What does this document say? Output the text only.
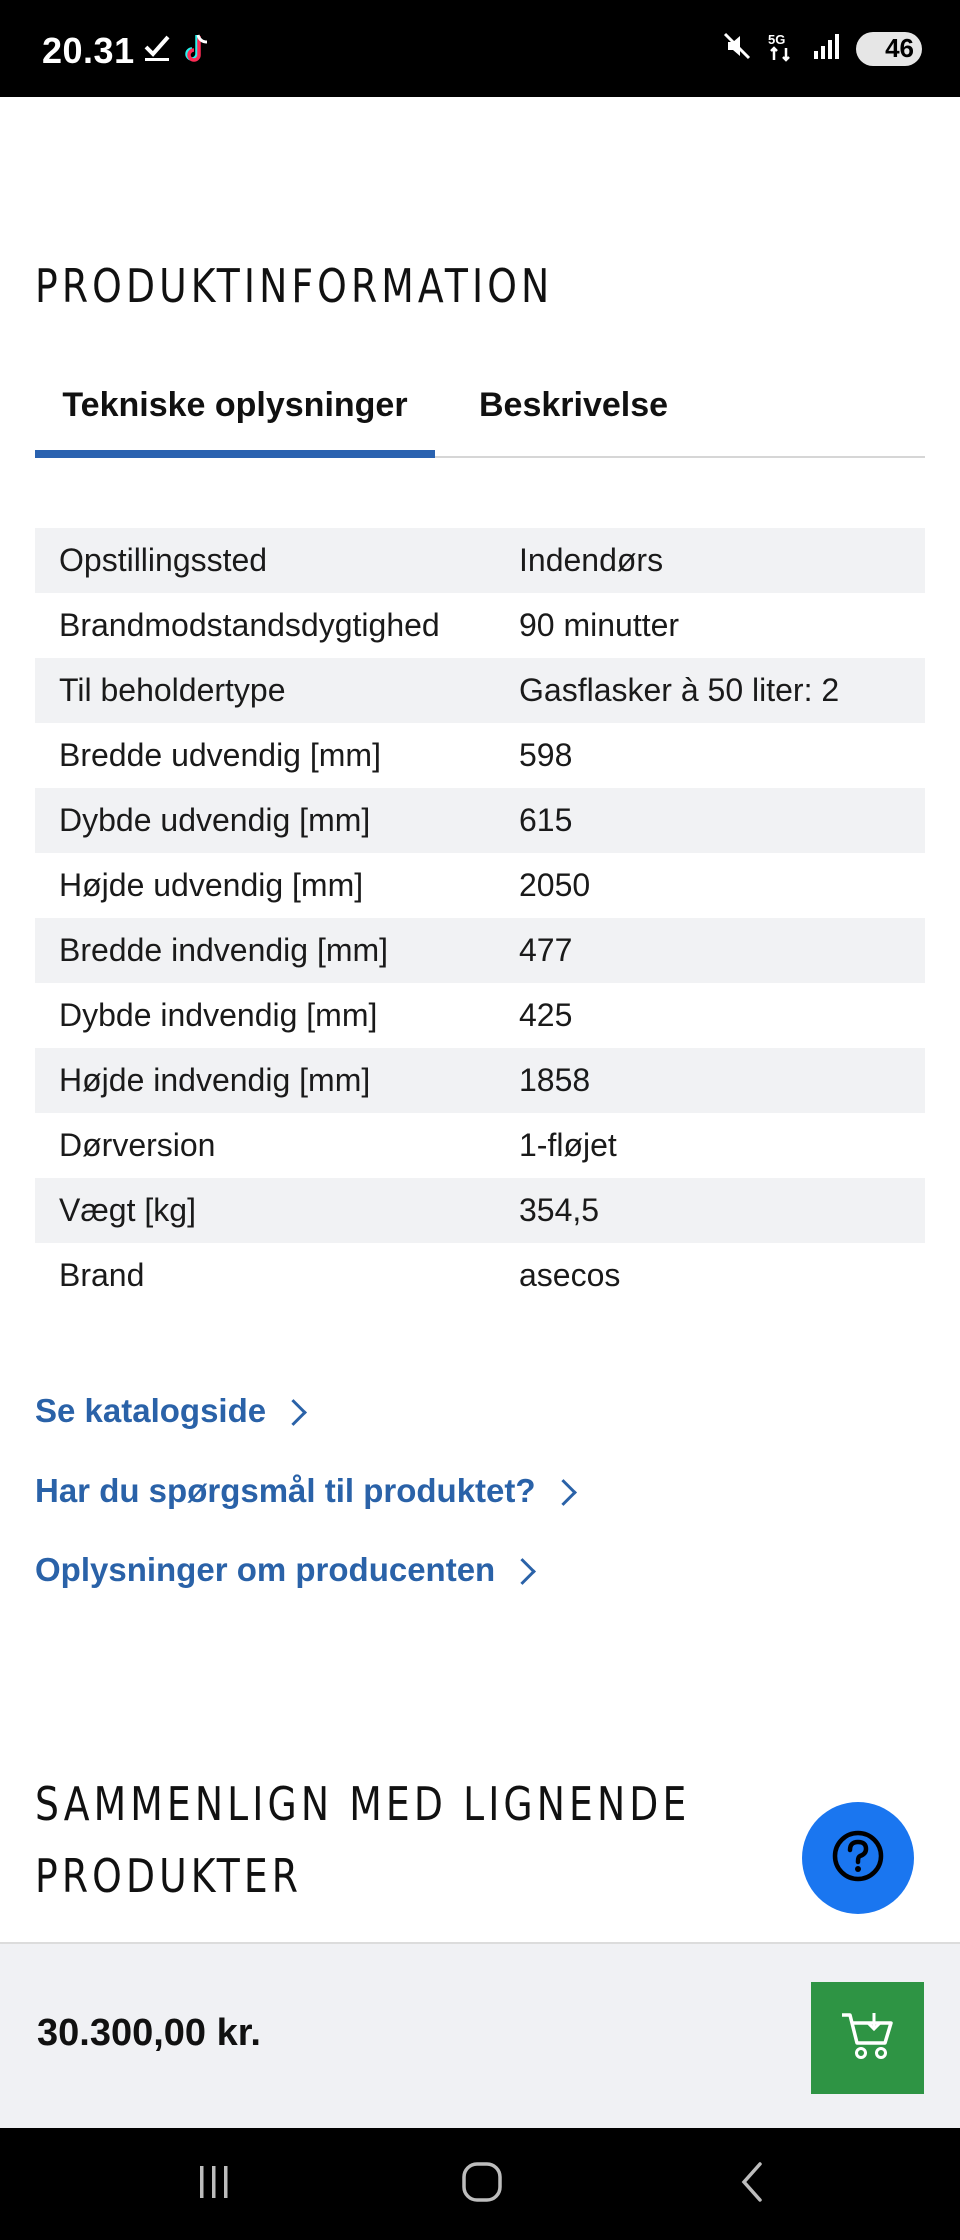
20.31	5G	46
PRODUKTINFORMATION
Tekniske oplysninger	Beskrivelse
Opstillingssted	Indendørs
Brandmodstandsdygtighed	90 minutter
Til beholdertype	Gasflasker à 50 liter: 2
Bredde udvendig [mm]	598
Dybde udvendig [mm]	615
Højde udvendig [mm]	2050
Bredde indvendig [mm]	477
Dybde indvendig [mm]	425
Højde indvendig [mm]	1858
Dørversion	1-fløjet
Vægt [kg]	354,5
Brand	asecos
Se katalogside
Har du spørgsmål til produktet?
Oplysninger om producenten
SAMMENLIGN MED LIGNENDE
PRODUKTER
30.300,00 kr.
